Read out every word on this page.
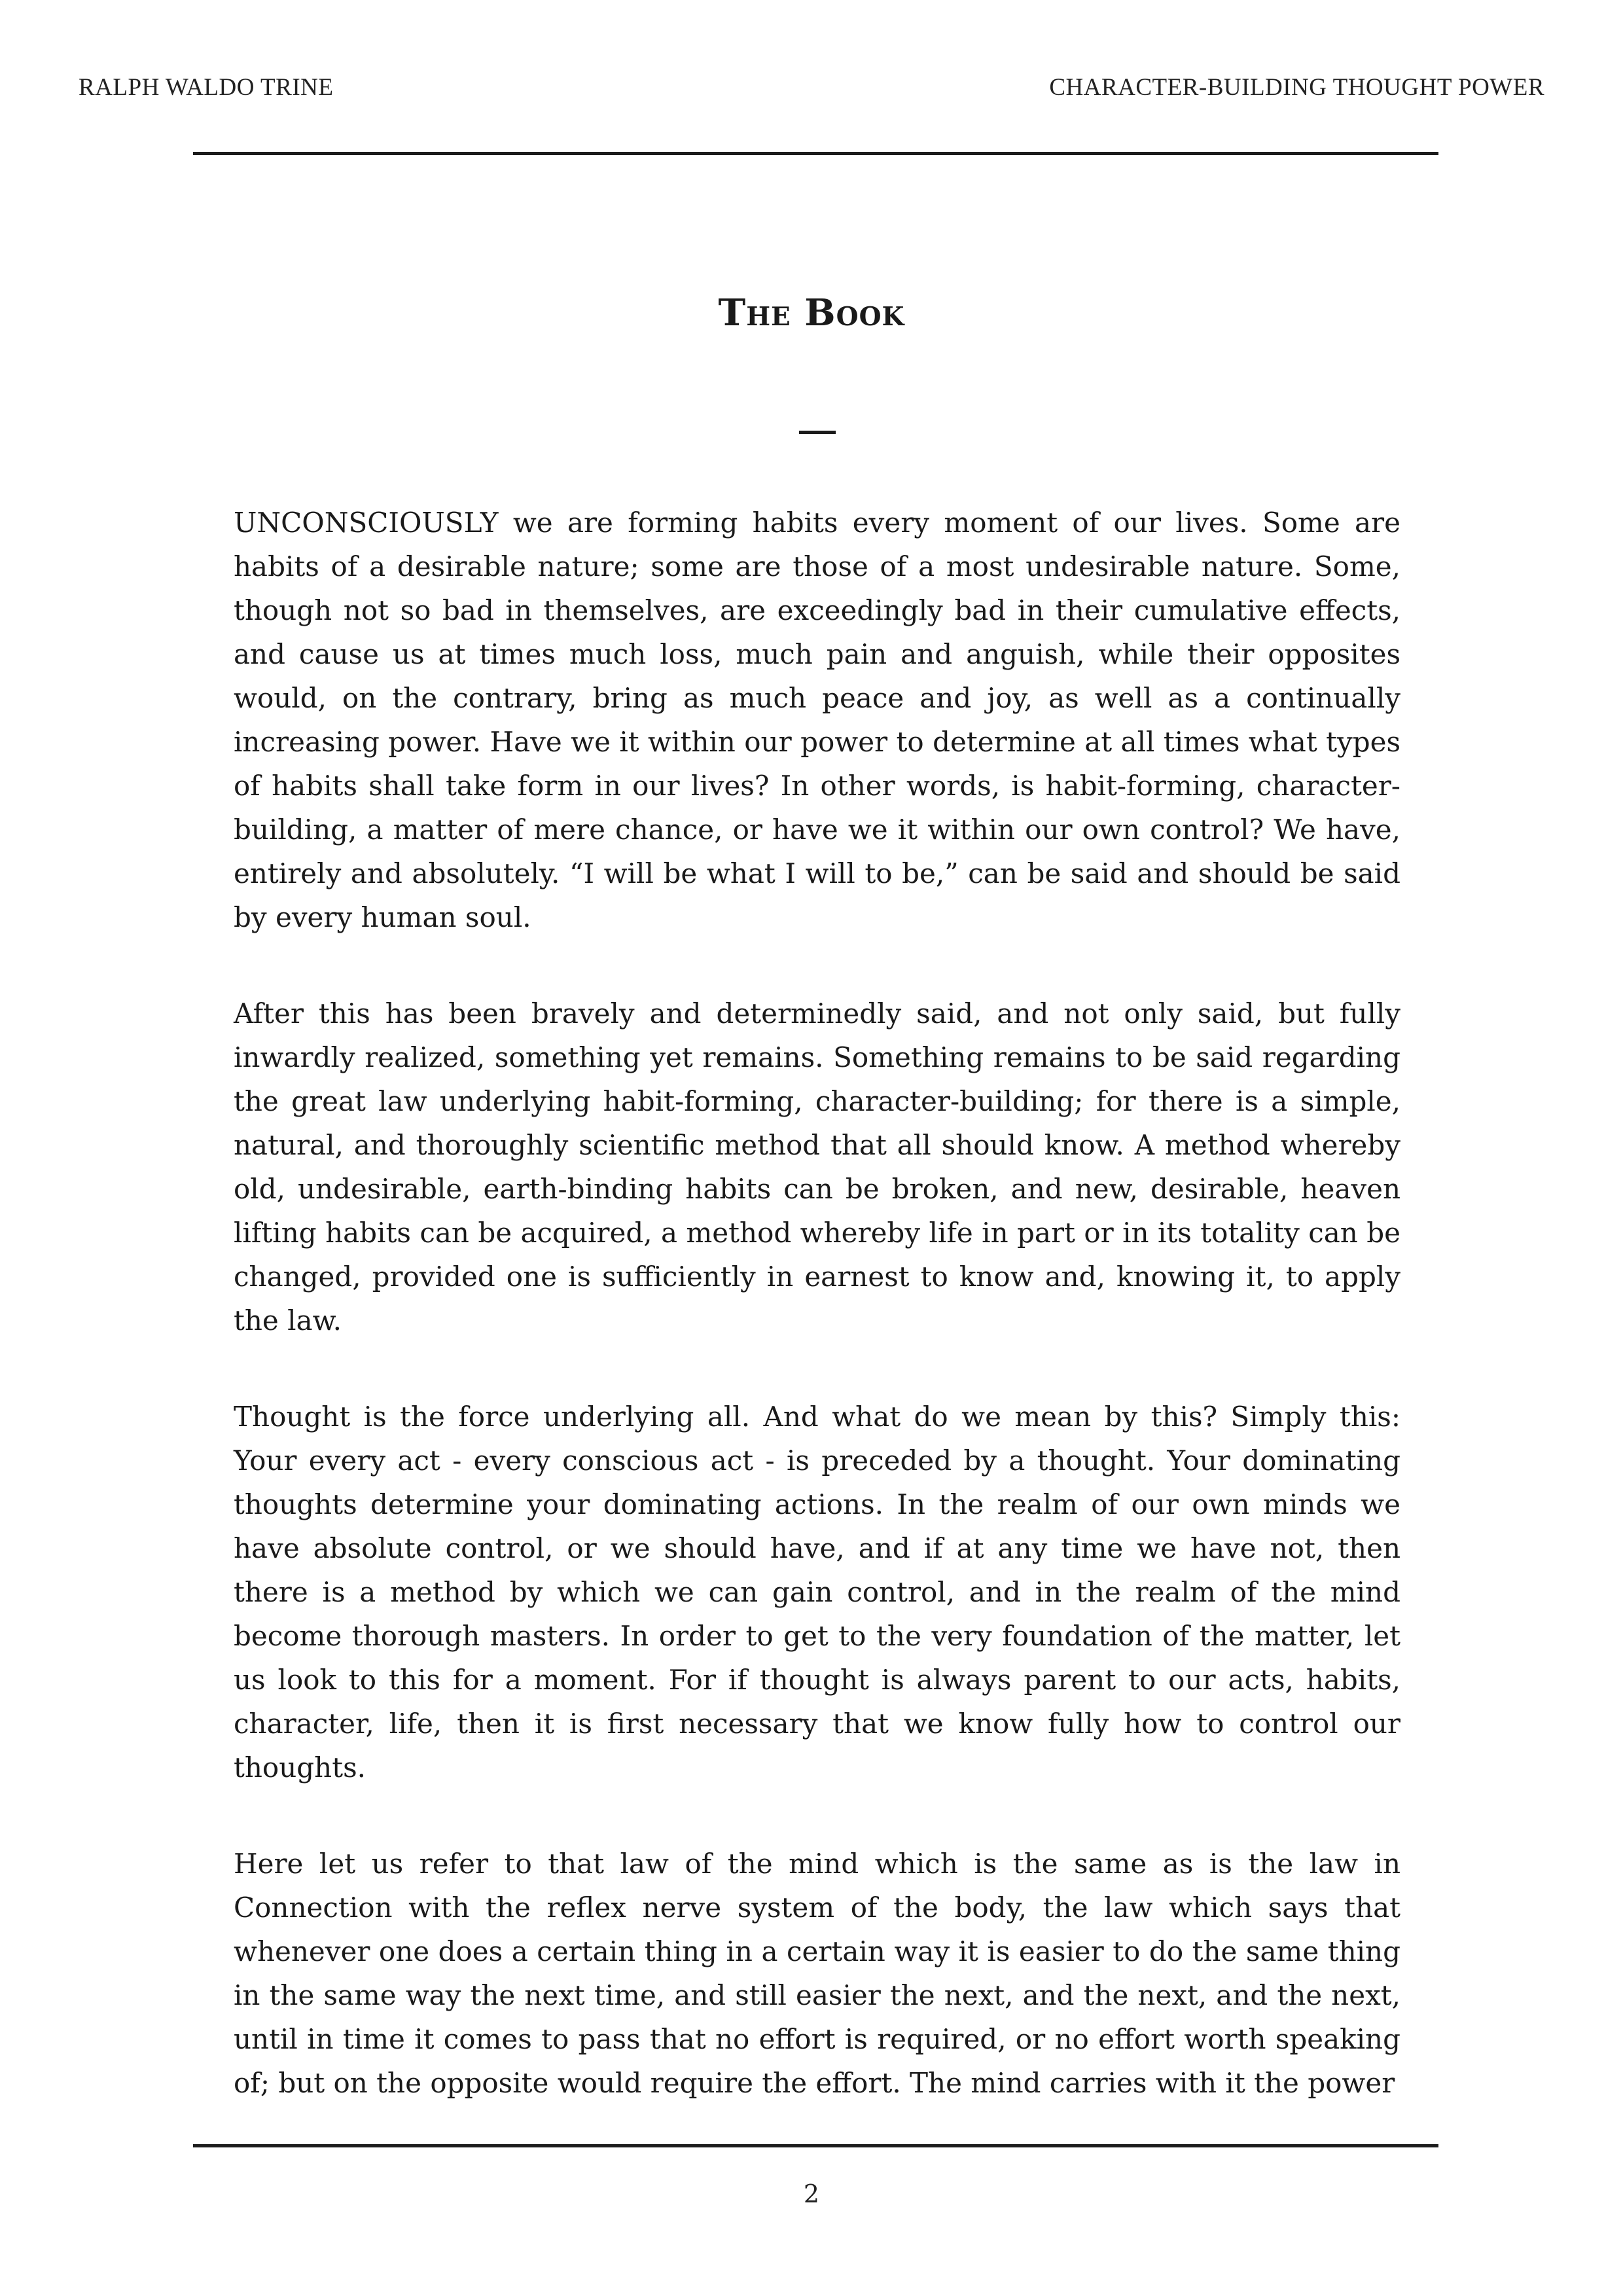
RALPH WALDO TRINE	CHARACTER-BUILDING THOUGHT POWER
The Book

UNCONSCIOUSLY we are forming habits every moment of our lives. Some are habits of a desirable nature; some are those of a most undesirable nature. Some, though not so bad in themselves, are exceedingly bad in their cumulative effects, and cause us at times much loss, much pain and anguish, while their opposites would, on the contrary, bring as much peace and joy, as well as a continually increasing power. Have we it within our power to determine at all times what types of habits shall take form in our lives? In other words, is habit-forming, character-building, a matter of mere chance, or have we it within our own control? We have, entirely and absolutely. “I will be what I will to be,” can be said and should be said by every human soul.

After this has been bravely and determinedly said, and not only said, but fully inwardly realized, something yet remains. Something remains to be said regarding the great law underlying habit-forming, character-building; for there is a simple, natural, and thoroughly scientific method that all should know. A method whereby old, undesirable, earth-binding habits can be broken, and new, desirable, heaven lifting habits can be acquired, a method whereby life in part or in its totality can be changed, provided one is sufficiently in earnest to know and, knowing it, to apply the law.

Thought is the force underlying all. And what do we mean by this? Simply this: Your every act - every conscious act - is preceded by a thought. Your dominating thoughts determine your dominating actions. In the realm of our own minds we have absolute control, or we should have, and if at any time we have not, then there is a method by which we can gain control, and in the realm of the mind become thorough masters. In order to get to the very foundation of the matter, let us look to this for a moment. For if thought is always parent to our acts, habits, character, life, then it is first necessary that we know fully how to control our thoughts.

Here let us refer to that law of the mind which is the same as is the law in Connection with the reflex nerve system of the body, the law which says that whenever one does a certain thing in a certain way it is easier to do the same thing in the same way the next time, and still easier the next, and the next, and the next, until in time it comes to pass that no effort is required, or no effort worth speaking of; but on the opposite would require the effort. The mind carries with it the power

2
